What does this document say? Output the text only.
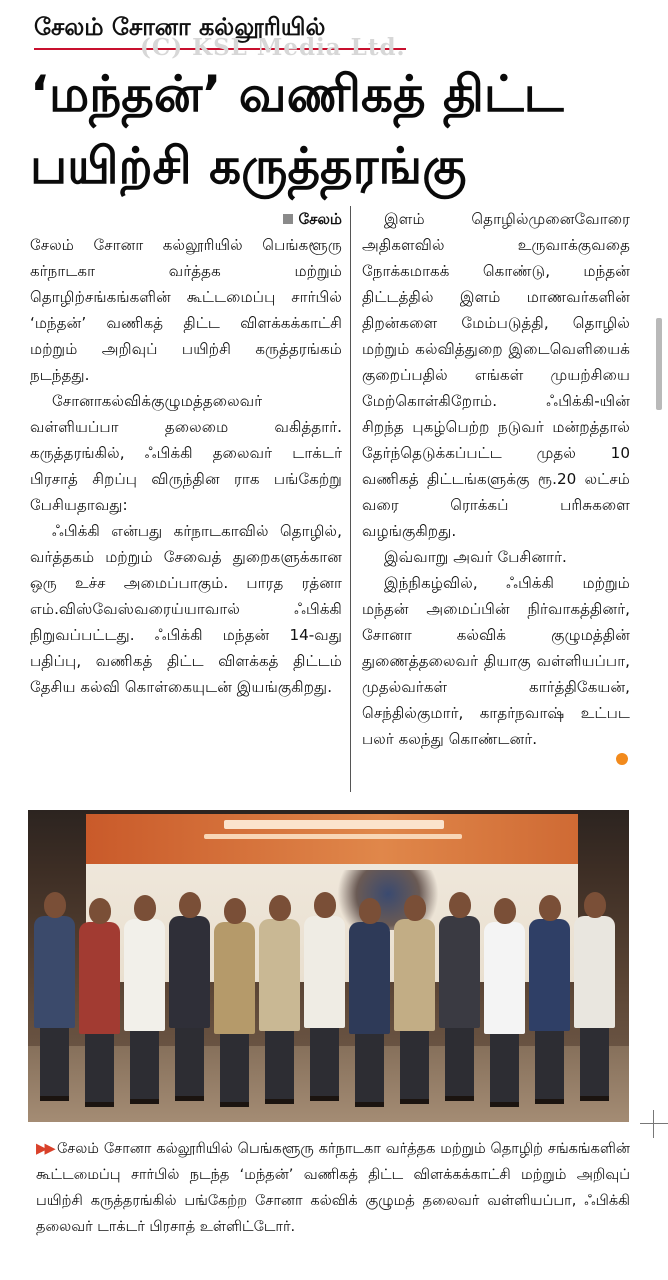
சேலம் சோனா கல்லூரியில்
(C) KSL Media Ltd.
‘மந்தன்’ வணிகத் திட்ட
பயிற்சி கருத்தரங்கு
சேலம்

சேலம் சோனா கல்லூரியில் பெங்களூரு கர்நாடகா வர்த்தக மற்றும் தொழிற்சங்கங்களின் கூட்டமைப்பு சார்பில் ‘மந்தன்’ வணிகத் திட்ட விளக்கக்காட்சி மற்றும் அறிவுப் பயிற்சி கருத்தரங்கம் நடந்தது.

சோனாகல்விக்குழுமத்தலைவர் வள்ளியப்பா தலைமை வகித்தார். கருத்தரங்கில், ஃபிக்கி தலைவர் டாக்டர் பிரசாத் சிறப்பு விருந்தின ராக பங்கேற்று பேசியதாவது:

ஃபிக்கி என்பது கர்நாடகாவில் தொழில், வர்த்தகம் மற்றும் சேவைத் துறைகளுக்கான ஒரு உச்ச அமைப்பாகும். பாரத ரத்னா எம்.விஸ்வேஸ்வரைய்யாவால் ஃபிக்கி நிறுவப்பட்டது. ஃபிக்கி மந்தன் 14-வது பதிப்பு, வணிகத் திட்ட விளக்கத் திட்டம் தேசிய கல்வி கொள்கையுடன் இயங்குகிறது.

இளம் தொழில்முனைவோரை அதிகளவில் உருவாக்குவதை நோக்கமாகக் கொண்டு, மந்தன் திட்டத்தில் இளம் மாணவர்களின் திறன்களை மேம்படுத்தி, தொழில் மற்றும் கல்வித்துறை இடைவெளியைக் குறைப்பதில் எங்கள் முயற்சியை மேற்கொள்கிறோம். ஃபிக்கி-யின் சிறந்த புகழ்பெற்ற நடுவர் மன்றத்தால் தேர்ந்தெடுக்கப்பட்ட முதல் 10 வணிகத் திட்டங்களுக்கு ரூ.20 லட்சம் வரை ரொக்கப் பரிசுகளை வழங்குகிறது.

இவ்வாறு அவர் பேசினார்.

இந்நிகழ்வில், ஃபிக்கி மற்றும் மந்தன் அமைப்பின் நிர்வாகத்தினர், சோனா கல்விக் குழுமத்தின் துணைத்தலைவர் தியாகு வள்ளியப்பா, முதல்வர்கள் கார்த்திகேயன், செந்தில்குமார், காதர்நவாஷ் உட்பட பலர் கலந்து கொண்டனர்.

▶▶ சேலம் சோனா கல்லூரியில் பெங்களூரு கர்நாடகா வர்த்தக மற்றும் தொழிற் சங்கங்களின் கூட்டமைப்பு சார்பில் நடந்த ‘மந்தன்’ வணிகத் திட்ட விளக்கக்காட்சி மற்றும் அறிவுப் பயிற்சி கருத்தரங்கில் பங்கேற்ற சோனா கல்விக் குழுமத் தலைவர் வள்ளியப்பா, ஃபிக்கி தலைவர் டாக்டர் பிரசாத் உள்ளிட்டோர்.
